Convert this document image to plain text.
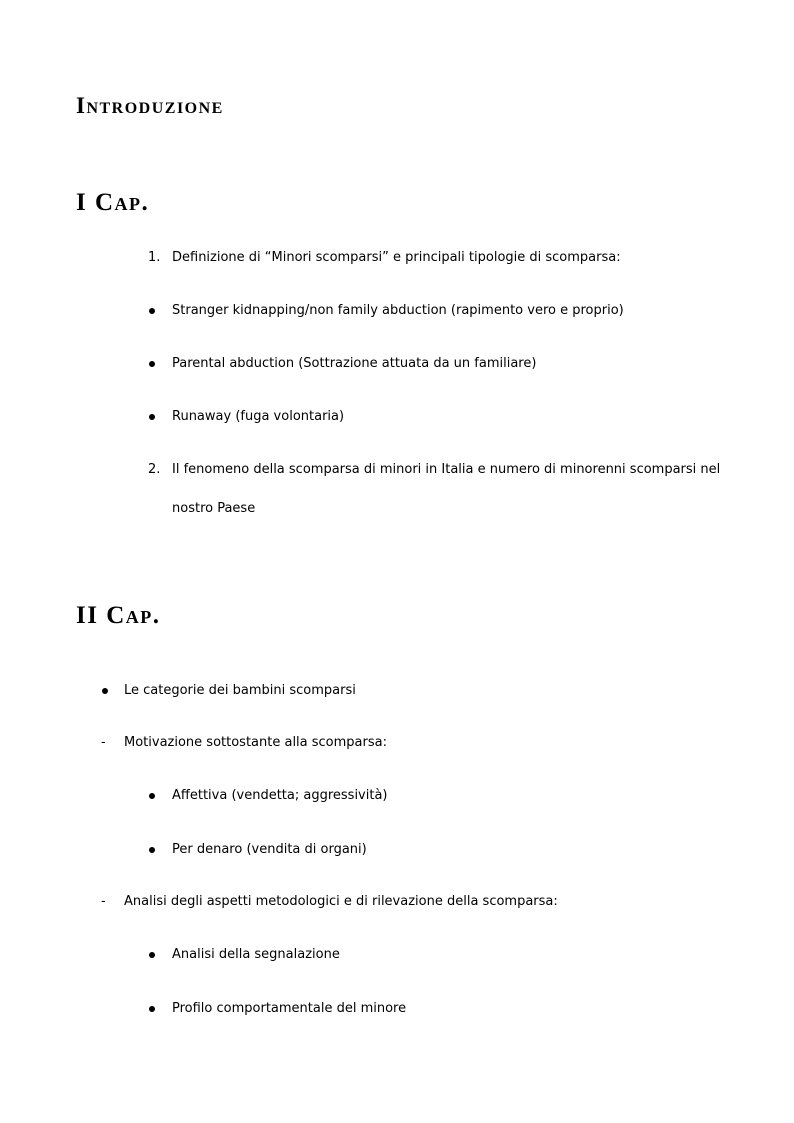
Introduzione
I Cap.
1. Definizione di “Minori scomparsi” e principali tipologie di scomparsa:
Stranger kidnapping/non family abduction (rapimento vero e proprio)
Parental abduction (Sottrazione attuata da un familiare)
Runaway (fuga volontaria)
2. Il fenomeno della scomparsa di minori in Italia e numero di minorenni scomparsi nel
nostro Paese
II Cap.
Le categorie dei bambini scomparsi
- Motivazione sottostante alla scomparsa:
Affettiva (vendetta; aggressività)
Per denaro (vendita di organi)
- Analisi degli aspetti metodologici e di rilevazione della scomparsa:
Analisi della segnalazione
Profilo comportamentale del minore
